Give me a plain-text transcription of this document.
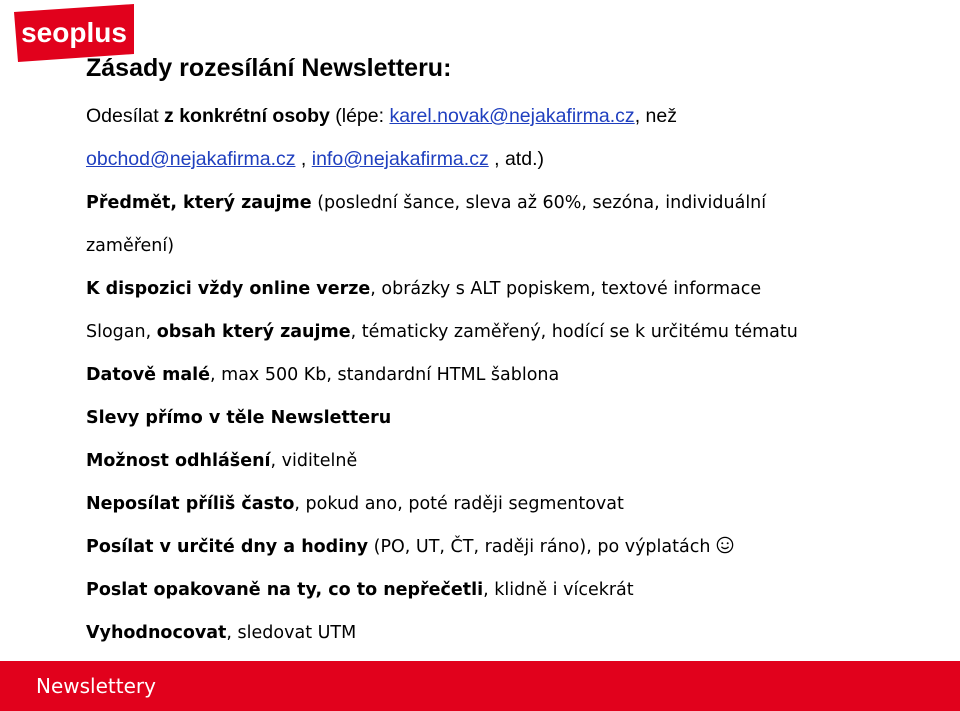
seoplus
Zásady rozesílání Newsletteru:

Odesílat z konkrétní osoby (lépe: karel.novak@nejakafirma.cz, než

obchod@nejakafirma.cz , info@nejakafirma.cz , atd.)

Předmět, který zaujme (poslední šance, sleva až 60%, sezóna, individuální

zaměření)

K dispozici vždy online verze, obrázky s ALT popiskem, textové informace

Slogan, obsah který zaujme, tématicky zaměřený, hodící se k určitému tématu

Datově malé, max 500 Kb, standardní HTML šablona

Slevy přímo v těle Newsletteru

Možnost odhlášení, viditelně

Neposílat příliš často, pokud ano, poté raději segmentovat

Posílat v určité dny a hodiny (PO, UT, ČT, raději ráno), po výplatách

Poslat opakovaně na ty, co to nepřečetli, klidně i vícekrát

Vyhodnocovat, sledovat UTM

Newslettery
